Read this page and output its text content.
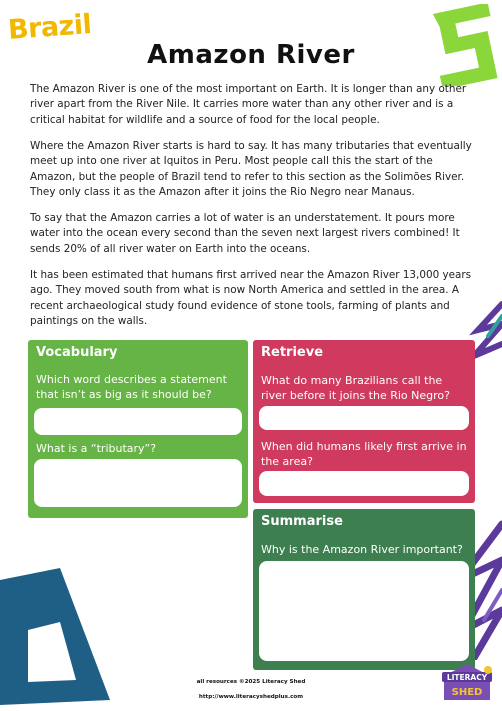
Brazil
Amazon River

The Amazon River is one of the most important on Earth. It is longer than any other river apart from the River Nile. It carries more water than any other river and is a critical habitat for wildlife and a source of food for the local people.

Where the Amazon River starts is hard to say. It has many tributaries that eventually meet up into one river at Iquitos in Peru. Most people call this the start of the Amazon, but the people of Brazil tend to refer to this section as the Solimões River. They only class it as the Amazon after it joins the Rio Negro near Manaus.

To say that the Amazon carries a lot of water is an understatement. It pours more water into the ocean every second than the seven next largest rivers combined! It sends 20% of all river water on Earth into the oceans.

It has been estimated that humans first arrived near the Amazon River 13,000 years ago. They moved south from what is now North America and settled in the area. A recent archaeological study found evidence of stone tools, farming of plants and paintings on the walls.

Vocabulary
Which word describes a statement that isn’t as big as it should be?
What is a “tributary”?
Retrieve
What do many Brazilians call the river before it joins the Rio Negro?
When did humans likely first arrive in the area?
Summarise
Why is the Amazon River important?
all resources ©2025 Literacy Shed
http://www.literacyshedplus.com
LITERACY
SHED
